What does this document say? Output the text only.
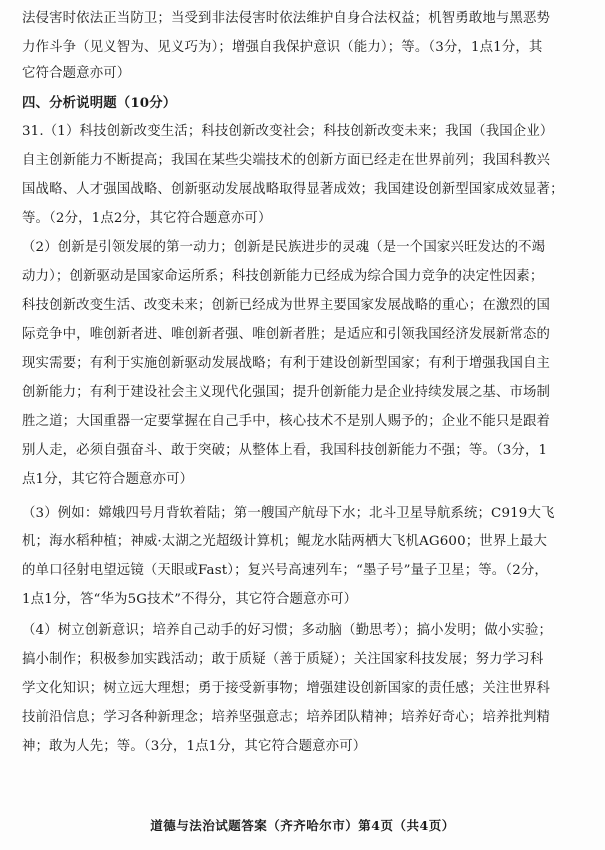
法侵害时依法正当防卫；当受到非法侵害时依法维护自身合法权益；机智勇敢地与黑恶势
力作斗争（见义智为、见义巧为）；增强自我保护意识（能力）；等。（3分，1点1分，其
它符合题意亦可）
四、分析说明题（10分）
31.（1）科技创新改变生活；科技创新改变社会；科技创新改变未来；我国（我国企业）
自主创新能力不断提高；我国在某些尖端技术的创新方面已经走在世界前列；我国科教兴
国战略、人才强国战略、创新驱动发展战略取得显著成效；我国建设创新型国家成效显著；
等。（2分，1点2分，其它符合题意亦可）
（2）创新是引领发展的第一动力；创新是民族进步的灵魂（是一个国家兴旺发达的不竭
动力）；创新驱动是国家命运所系；科技创新能力已经成为综合国力竞争的决定性因素；
科技创新改变生活、改变未来；创新已经成为世界主要国家发展战略的重心；在激烈的国
际竞争中，唯创新者进、唯创新者强、唯创新者胜；是适应和引领我国经济发展新常态的
现实需要；有利于实施创新驱动发展战略；有利于建设创新型国家；有利于增强我国自主
创新能力；有利于建设社会主义现代化强国；提升创新能力是企业持续发展之基、市场制
胜之道；大国重器一定要掌握在自己手中，核心技术不是别人赐予的；企业不能只是跟着
别人走，必须自强奋斗、敢于突破；从整体上看，我国科技创新能力不强；等。（3分，1
点1分，其它符合题意亦可）
（3）例如：嫦娥四号月背软着陆；第一艘国产航母下水；北斗卫星导航系统；C919大飞
机；海水稻种植；神威·太湖之光超级计算机；鲲龙水陆两栖大飞机AG600；世界上最大
的单口径射电望远镜（天眼或Fast）；复兴号高速列车；“墨子号”量子卫星；等。（2分，
1点1分，答“华为5G技术”不得分，其它符合题意亦可）
（4）树立创新意识；培养自己动手的好习惯；多动脑（勤思考）；搞小发明；做小实验；
搞小制作；积极参加实践活动；敢于质疑（善于质疑）；关注国家科技发展；努力学习科
学文化知识；树立远大理想；勇于接受新事物；增强建设创新国家的责任感；关注世界科
技前沿信息；学习各种新理念；培养坚强意志；培养团队精神；培养好奇心；培养批判精
神；敢为人先；等。（3分，1点1分，其它符合题意亦可）
道德与法治试题答案（齐齐哈尔市）第4页（共4页）
